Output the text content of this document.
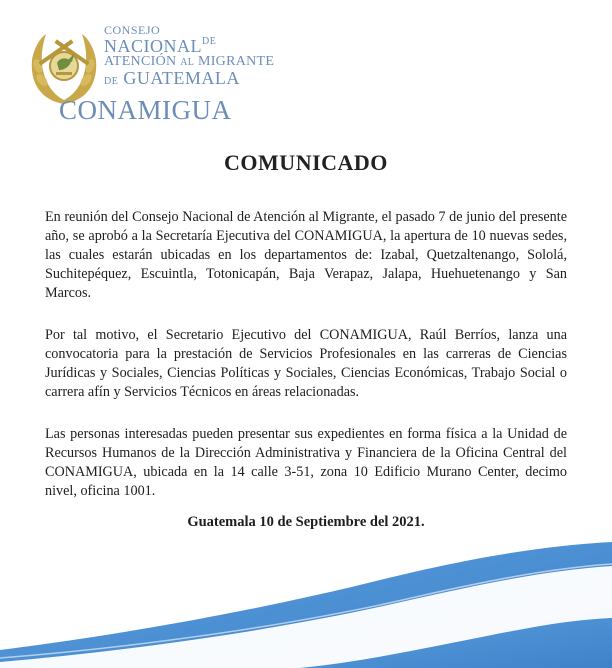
CONSEJO
$NACIONAL^{DE}$
ATENCIÓN AL MIGRANTE
DE GUATEMALA
CONAMIGUA
COMUNICADO

En reunión del Consejo Nacional de Atención al Migrante, el pasado 7 de junio del presente año, se aprobó a la Secretaría Ejecutiva del CONAMIGUA, la apertura de 10 nuevas sedes, las cuales estarán ubicadas en los departamentos de: Izabal, Quetzaltenango, Sololá, Suchitepéquez, Escuintla, Totonicapán, Baja Verapaz, Jalapa, Huehuetenango y San Marcos.

Por tal motivo, el Secretario Ejecutivo del CONAMIGUA, Raúl Berríos, lanza una convocatoria para la prestación de Servicios Profesionales en las carreras de Ciencias Jurídicas y Sociales, Ciencias Políticas y Sociales, Ciencias Económicas, Trabajo Social o carrera afín y Servicios Técnicos en áreas relacionadas.

Las personas interesadas pueden presentar sus expedientes en forma física a la Unidad de Recursos Humanos de la Dirección Administrativa y Financiera de la Oficina Central del CONAMIGUA, ubicada en la 14 calle 3-51, zona 10 Edificio Murano Center, decimo nivel, oficina 1001.

Guatemala 10 de Septiembre del 2021.
